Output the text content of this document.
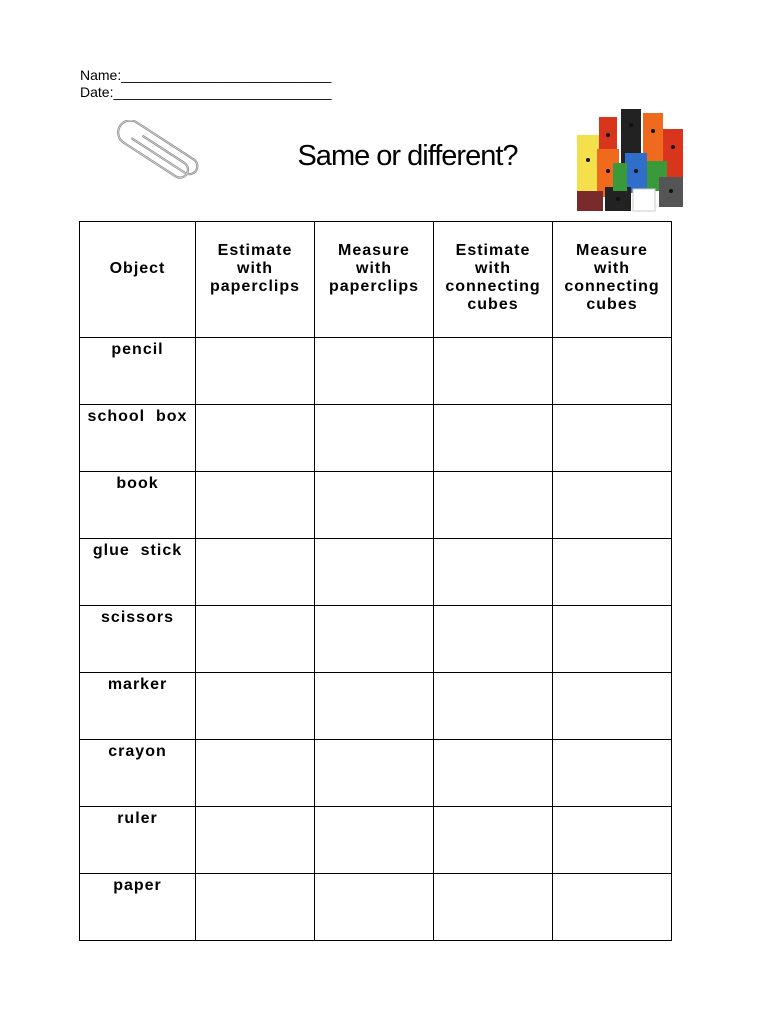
Name:___________________________
Date:____________________________
Same or different?
Object	Estimate
with
paperclips	Measure
with
paperclips	Estimate
with
connecting
cubes	Measure
with
connecting
cubes
pencil				
school  box				
book				
glue  stick				
scissors				
marker				
crayon				
ruler				
paper				
